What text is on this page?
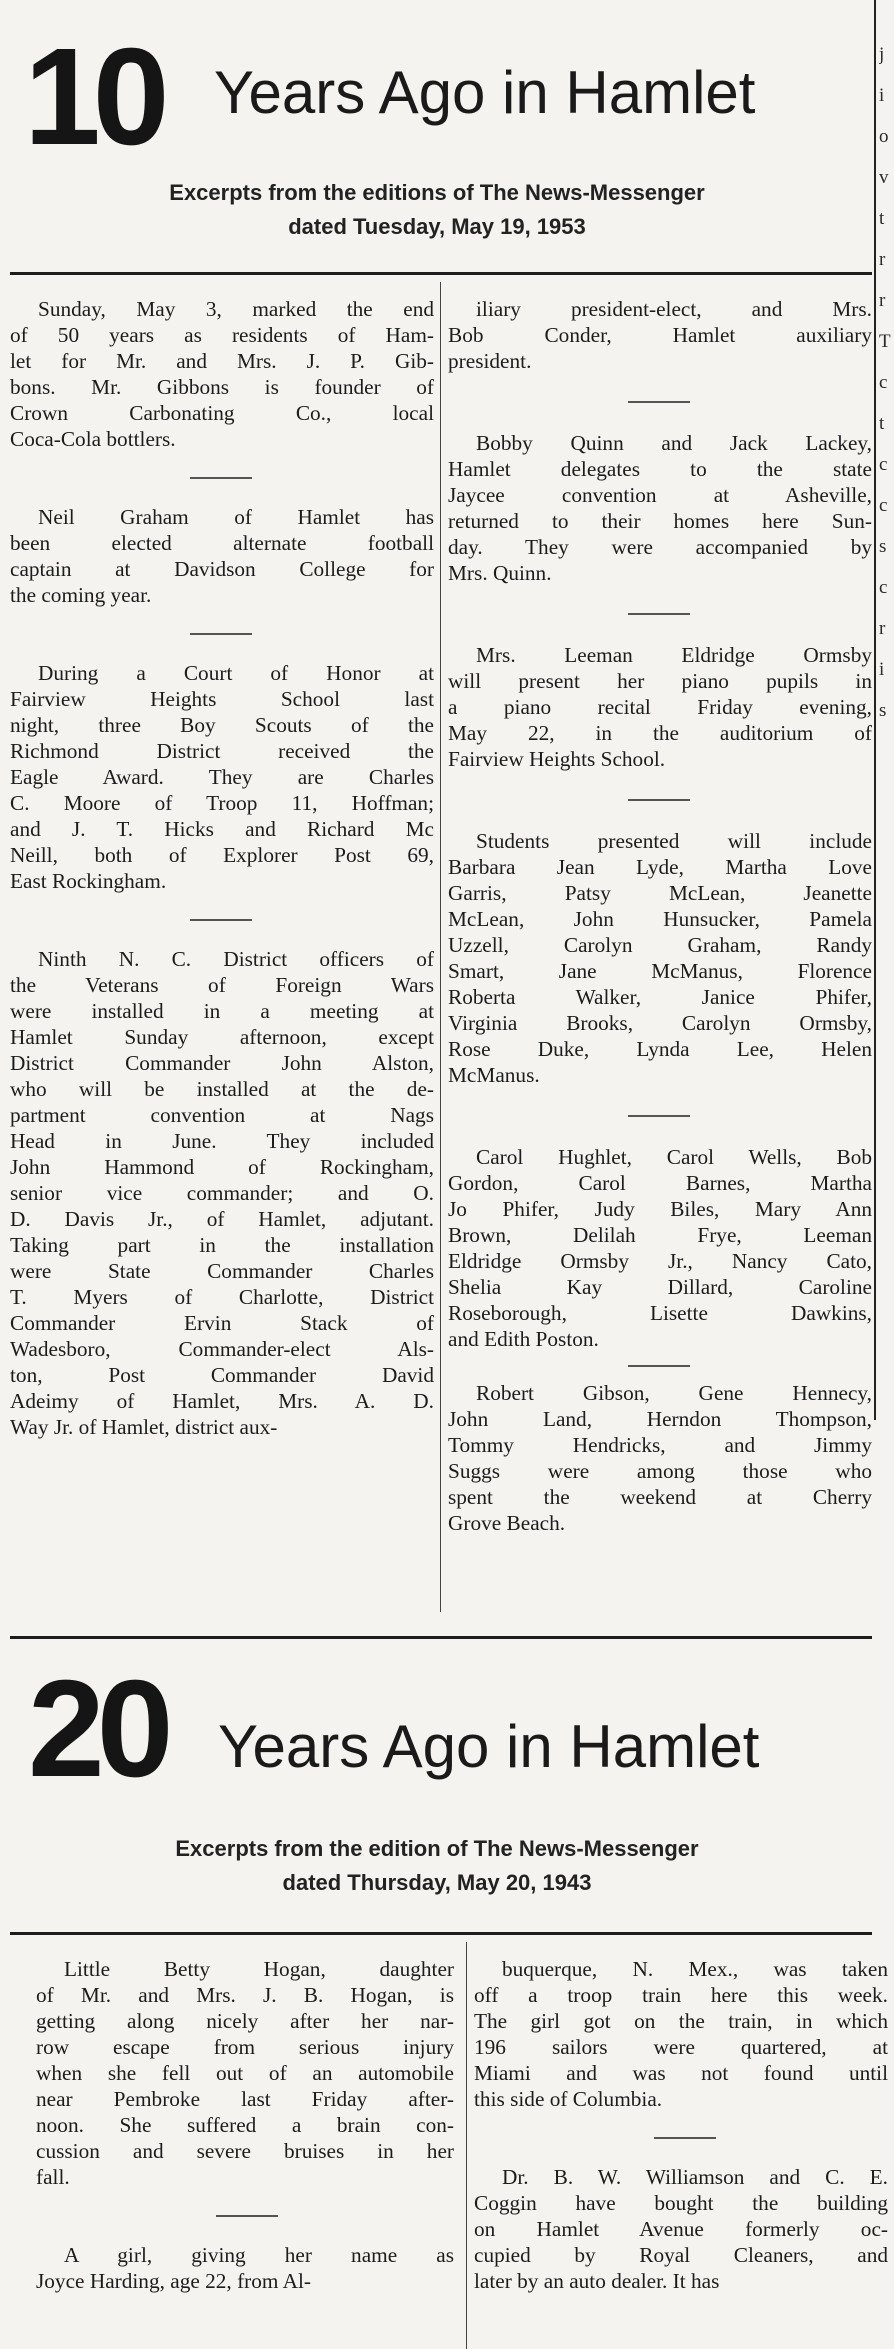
j
i
o
v
t
r
r
T
c
t
c
c
s
c
r
i
s
10 Years Ago in Hamlet
Excerpts from the editions of The News-Messenger
dated Tuesday, May 19, 1953
Sunday, May 3, marked the end
of 50 years as residents of Ham-
let for Mr. and Mrs. J. P. Gib-
bons. Mr. Gibbons is founder of
Crown Carbonating Co., local
Coca-Cola bottlers.
Neil Graham of Hamlet has
been elected alternate football
captain at Davidson College for
the coming year.
During a Court of Honor at
Fairview Heights School last
night, three Boy Scouts of the
Richmond District received the
Eagle Award. They are Charles
C. Moore of Troop 11, Hoffman;
and J. T. Hicks and Richard Mc
Neill, both of Explorer Post 69,
East Rockingham.
Ninth N. C. District officers of
the Veterans of Foreign Wars
were installed in a meeting at
Hamlet Sunday afternoon, except
District Commander John Alston,
who will be installed at the de-
partment convention at Nags
Head in June. They included
John Hammond of Rockingham,
senior vice commander; and O.
D. Davis Jr., of Hamlet, adjutant.
Taking part in the installation
were State Commander Charles
T. Myers of Charlotte, District
Commander Ervin Stack of
Wadesboro, Commander-elect Als-
ton, Post Commander David
Adeimy of Hamlet, Mrs. A. D.
Way Jr. of Hamlet, district aux-
iliary president-elect, and Mrs.
Bob Conder, Hamlet auxiliary
president.
Bobby Quinn and Jack Lackey,
Hamlet delegates to the state
Jaycee convention at Asheville,
returned to their homes here Sun-
day. They were accompanied by
Mrs. Quinn.
Mrs. Leeman Eldridge Ormsby
will present her piano pupils in
a piano recital Friday evening,
May 22, in the auditorium of
Fairview Heights School.
Students presented will include
Barbara Jean Lyde, Martha Love
Garris, Patsy McLean, Jeanette
McLean, John Hunsucker, Pamela
Uzzell, Carolyn Graham, Randy
Smart, Jane McManus, Florence
Roberta Walker, Janice Phifer,
Virginia Brooks, Carolyn Ormsby,
Rose Duke, Lynda Lee, Helen
McManus.
Carol Hughlet, Carol Wells, Bob
Gordon, Carol Barnes, Martha
Jo Phifer, Judy Biles, Mary Ann
Brown, Delilah Frye, Leeman
Eldridge Ormsby Jr., Nancy Cato,
Shelia Kay Dillard, Caroline
Roseborough, Lisette Dawkins,
and Edith Poston.
Robert Gibson, Gene Hennecy,
John Land, Herndon Thompson,
Tommy Hendricks, and Jimmy
Suggs were among those who
spent the weekend at Cherry
Grove Beach.
20 Years Ago in Hamlet
Excerpts from the edition of The News-Messenger
dated Thursday, May 20, 1943
Little Betty Hogan, daughter
of Mr. and Mrs. J. B. Hogan, is
getting along nicely after her nar-
row escape from serious injury
when she fell out of an automobile
near Pembroke last Friday after-
noon. She suffered a brain con-
cussion and severe bruises in her
fall.
A girl, giving her name as
Joyce Harding, age 22, from Al-
buquerque, N. Mex., was taken
off a troop train here this week.
The girl got on the train, in which
196 sailors were quartered, at
Miami and was not found until
this side of Columbia.
Dr. B. W. Williamson and C. E.
Coggin have bought the building
on Hamlet Avenue formerly oc-
cupied by Royal Cleaners, and
later by an auto dealer. It has
